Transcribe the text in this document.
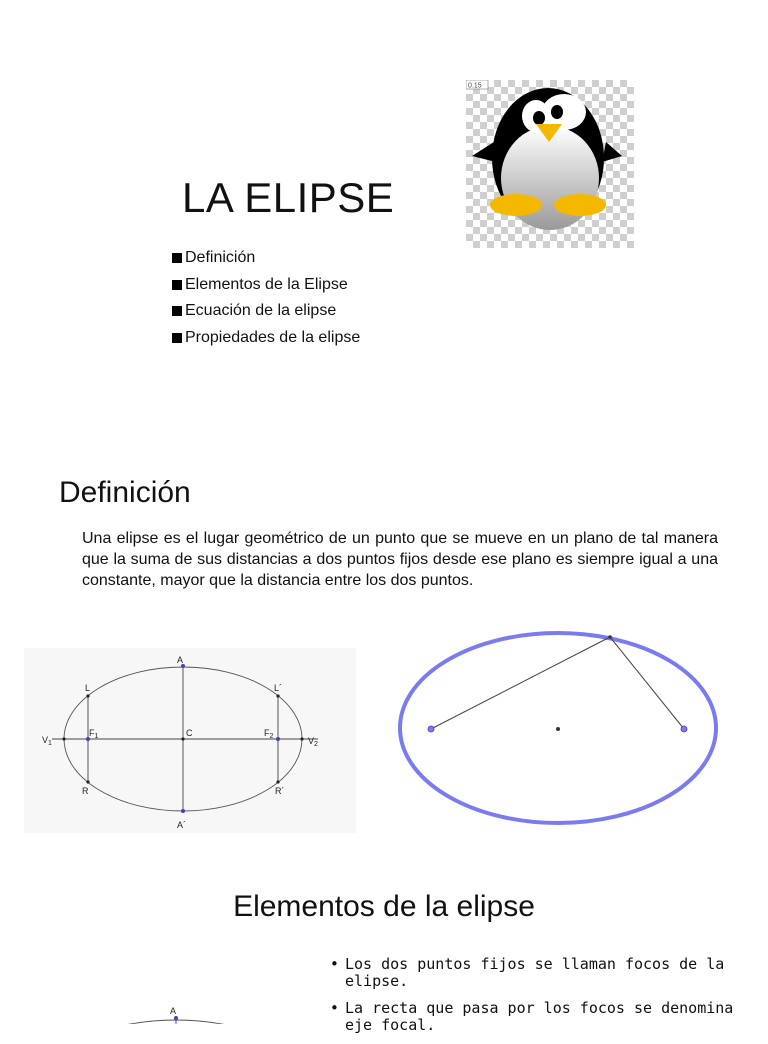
LA ELIPSE
Definición
Elementos de la Elipse
Ecuación de la elipse
Propiedades de la elipse
0.15
Definición

Una elipse es el lugar geométrico de un punto que se mueve en un plano de tal manera que la suma de sus distancias a dos puntos fijos desde ese plano es siempre igual a una constante, mayor que la distancia entre los dos puntos.

A
A´
L	L´
R	R´
C
$F_1$	$F_2$
$V_1$	$V_2$
Elementos de la elipse
• Los dos puntos fijos se llaman focos de la elipse.
• La recta que pasa por los focos se denomina eje focal.
A
